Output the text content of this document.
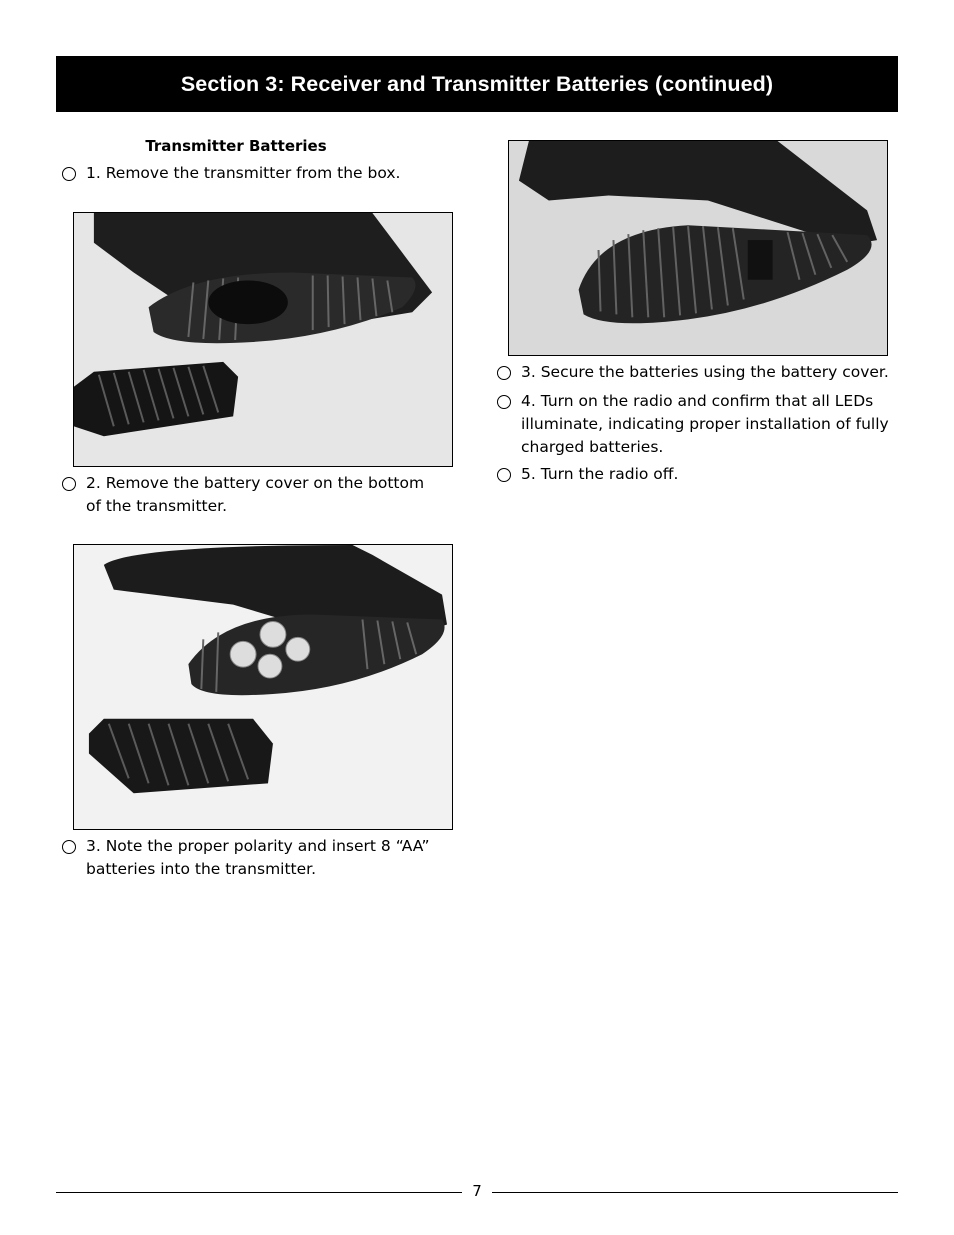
Section 3: Receiver and Transmitter Batteries (continued)
Transmitter Batteries
1. Remove the transmitter from the box.
2. Remove the battery cover on the bottom of the transmitter.
3. Note the proper polarity and insert 8 “AA” batteries into the transmitter.
3. Secure the batteries using the battery cover.
4. Turn on the radio and confirm that all LEDs illuminate, indicating proper installation of fully charged batteries.
5. Turn the radio off.
7
